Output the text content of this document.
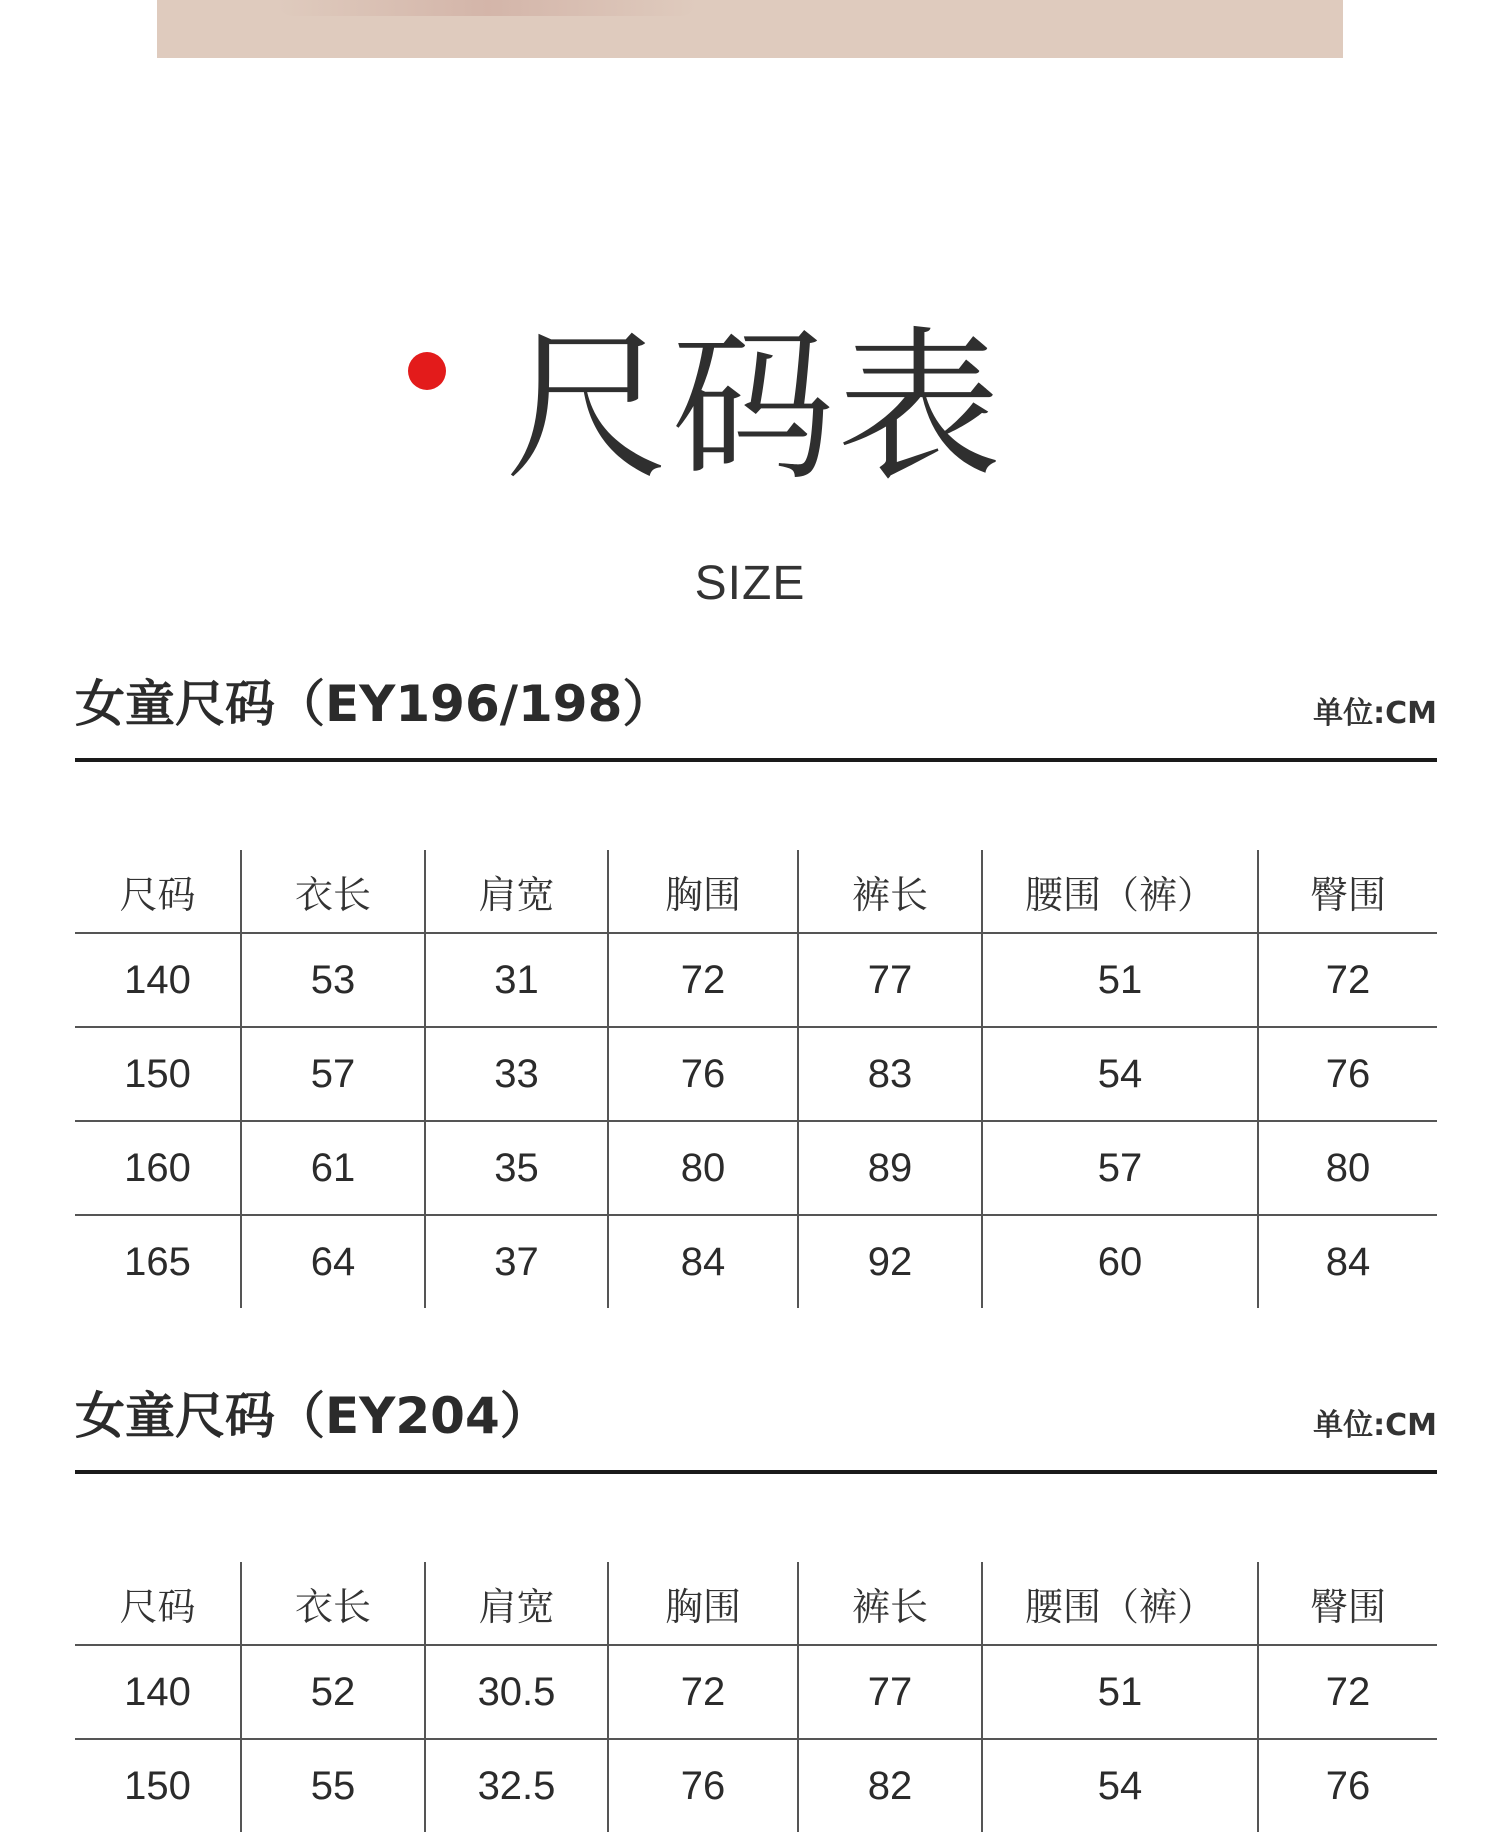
尺码表
SIZE
女童尺码（EY196/198）	单位:CM
尺码	衣长	肩宽	胸围	裤长	腰围（裤）	臀围
140	53	31	72	77	51	72
150	57	33	76	83	54	76
160	61	35	80	89	57	80
165	64	37	84	92	60	84
女童尺码（EY204）	单位:CM
尺码	衣长	肩宽	胸围	裤长	腰围（裤）	臀围
140	52	30.5	72	77	51	72
150	55	32.5	76	82	54	76
